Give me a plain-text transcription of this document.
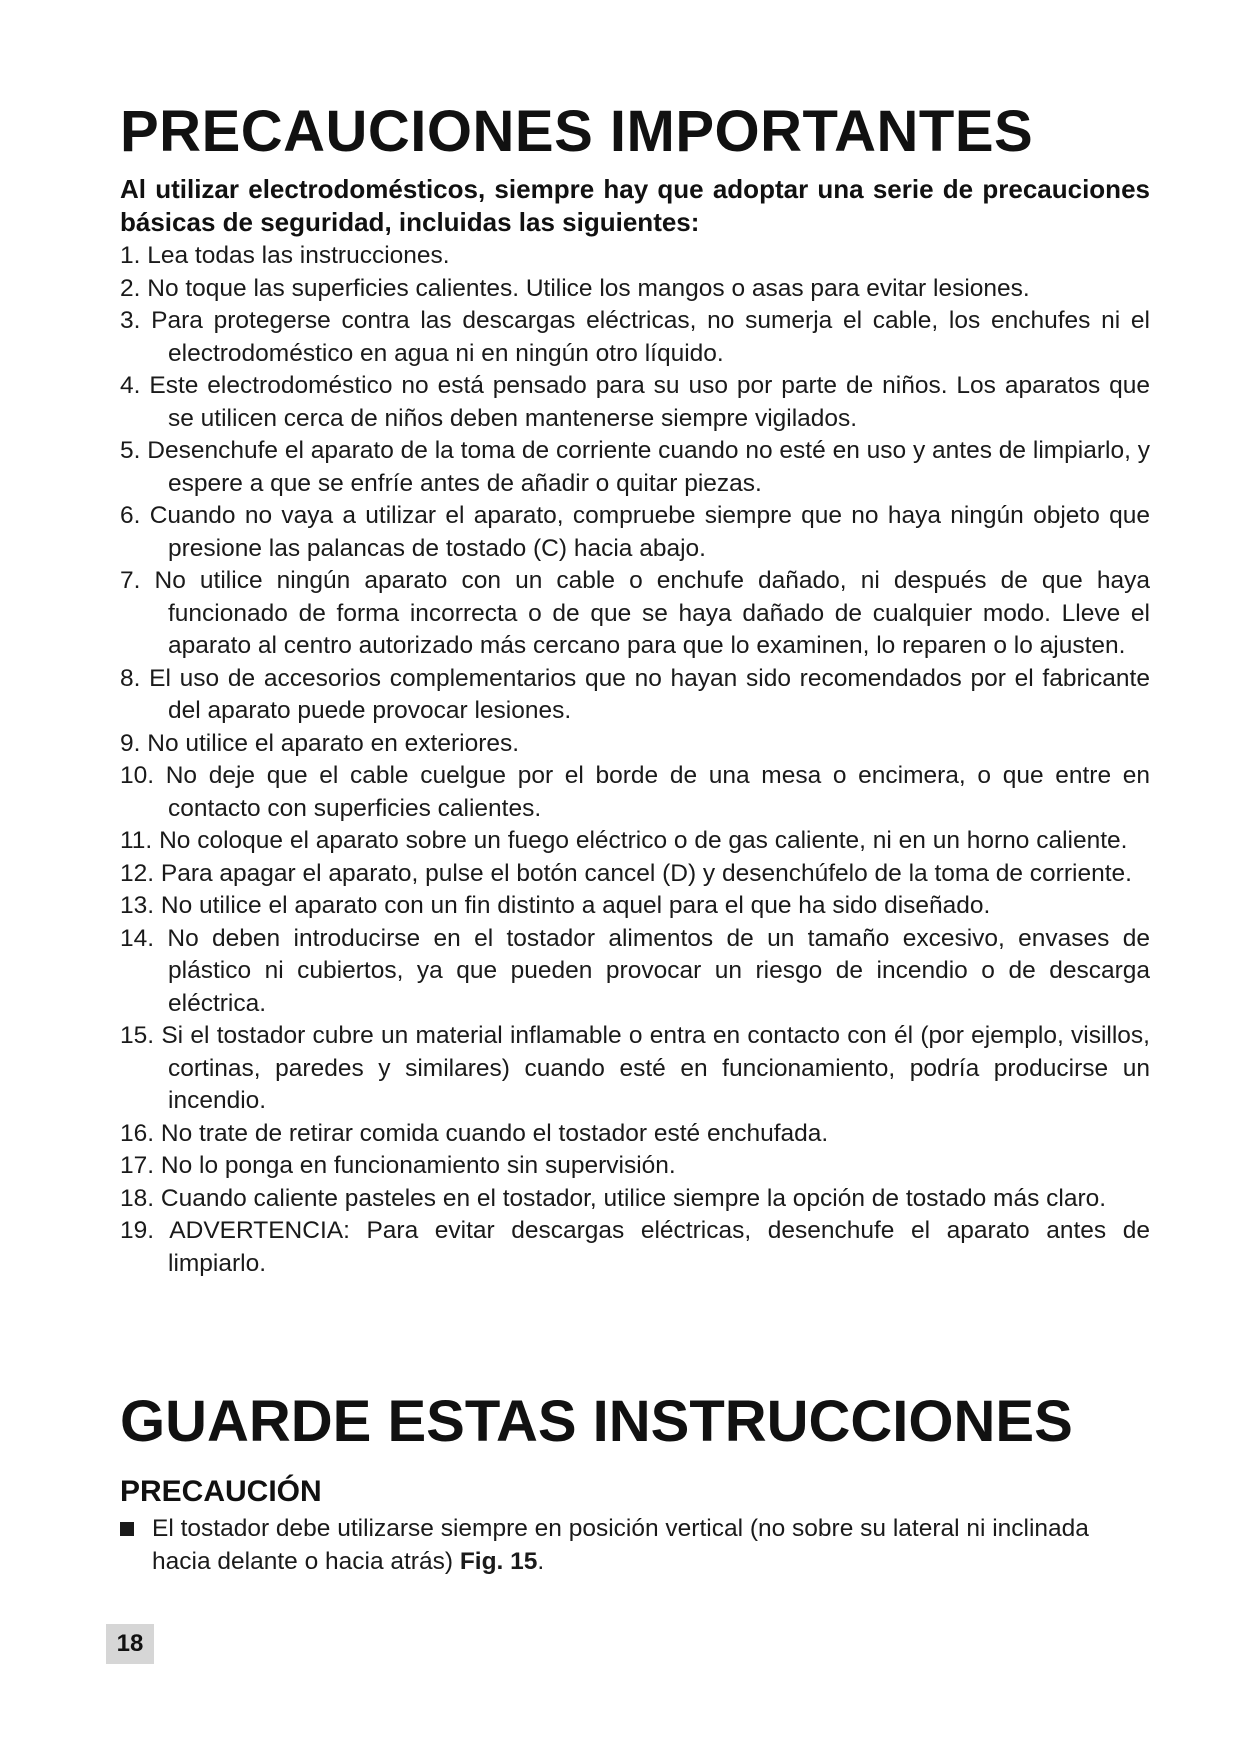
PRECAUCIONES IMPORTANTES
Al utilizar electrodomésticos, siempre hay que adoptar una serie de precauciones básicas de seguridad, incluidas las siguientes:
1. Lea todas las instrucciones.
2. No toque las superficies calientes. Utilice los mangos o asas para evitar lesiones.
3. Para protegerse contra las descargas eléctricas, no sumerja el cable, los enchufes ni el electrodoméstico en agua ni en ningún otro líquido.
4. Este electrodoméstico no está pensado para su uso por parte de niños. Los aparatos que se utilicen cerca de niños deben mantenerse siempre vigilados.
5. Desenchufe el aparato de la toma de corriente cuando no esté en uso y antes de limpiarlo, y espere a que se enfríe antes de añadir o quitar piezas.
6. Cuando no vaya a utilizar el aparato, compruebe siempre que no haya ningún objeto que presione las palancas de tostado (C) hacia abajo.
7. No utilice ningún aparato con un cable o enchufe dañado, ni después de que haya funcionado de forma incorrecta o de que se haya dañado de cualquier modo. Lleve el aparato al centro autorizado más cercano para que lo examinen, lo reparen o lo ajusten.
8. El uso de accesorios complementarios que no hayan sido recomendados por el fabricante del aparato puede provocar lesiones.
9. No utilice el aparato en exteriores.
10. No deje que el cable cuelgue por el borde de una mesa o encimera, o que entre en contacto con superficies calientes.
11. No coloque el aparato sobre un fuego eléctrico o de gas caliente, ni en un horno caliente.
12. Para apagar el aparato, pulse el botón cancel (D) y desenchúfelo de la toma de corriente.
13. No utilice el aparato con un fin distinto a aquel para el que ha sido diseñado.
14. No deben introducirse en el tostador alimentos de un tamaño excesivo, envases de plástico ni cubiertos, ya que pueden provocar un riesgo de incendio o de descarga eléctrica.
15. Si el tostador cubre un material inflamable o entra en contacto con él (por ejemplo, visillos, cortinas, paredes y similares) cuando esté en funcionamiento, podría producirse un incendio.
16. No trate de retirar comida cuando el tostador esté enchufada.
17. No lo ponga en funcionamiento sin supervisión.
18. Cuando caliente pasteles en el tostador, utilice siempre la opción de tostado más claro.
19. ADVERTENCIA: Para evitar descargas eléctricas, desenchufe el aparato antes de limpiarlo.
GUARDE ESTAS INSTRUCCIONES
PRECAUCIÓN
El tostador debe utilizarse siempre en posición vertical (no sobre su lateral ni inclinada hacia delante o hacia atrás) Fig. 15.
18
